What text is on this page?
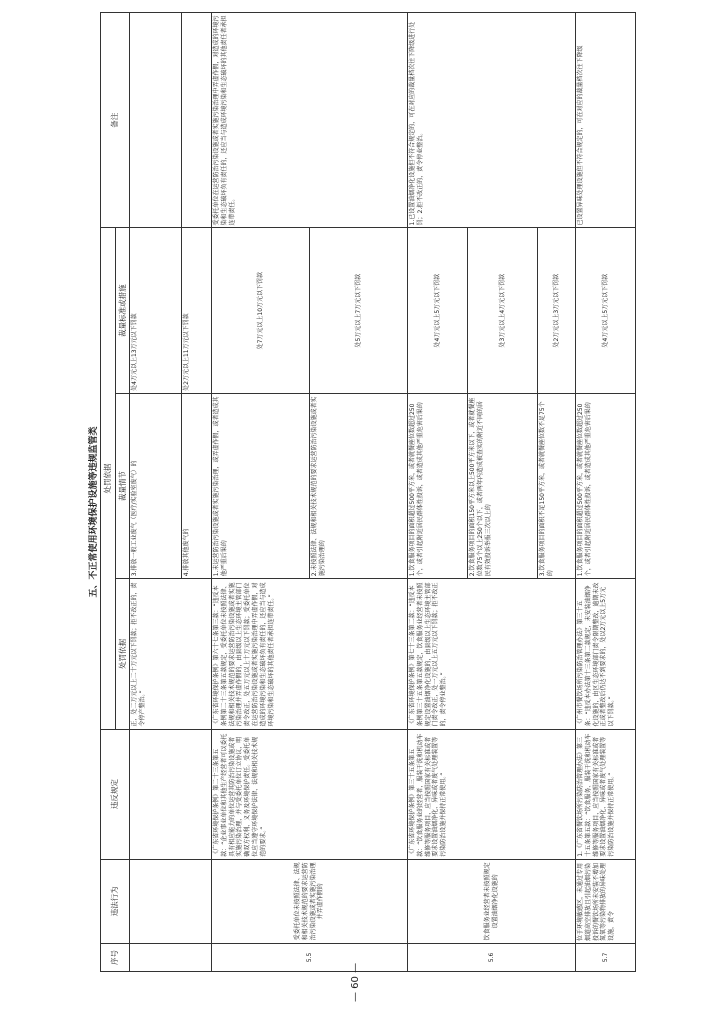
五、不正常使用环境保护设施等违规监管类
序号	违法行为	违反规定	处罚依据			备注
			处罚依据	裁量情节	裁量标准或措施	
			正，处二万元以上二十万元以下罚款；拒不改正的，责令停产整治。”	3.排放一般工业废气（医疗/实验室废气）的	处4万元以上13万元以下罚款	
				4.排放其他废气的	处2万元以上11万元以下罚款	
5.5	受委托单位未按照法律、法规和相关技术规范的要求运营防治污染设施或者实施污染治理并弄虚作假的	《广东省环境保护条例》第二十三条第五款：“企业事业单位和其他生产经营者可以委托具有相应能力的单位运营其防治污染设施或者实施污染治理，并与受委托单位订立协议，明确双方权利、义务及环境保护责任。受委托单位应当遵守环境保护法律、法规和相关技术规范的要求。”	《广东省环境保护条例》第六十七条第三款：“违反本条例第二十三条第五款规定，受委托单位未按照法律、法规和相关技术规范的要求运营防治污染设施或者实施污染治理并弄虚作假的，由县级以上生态环境主管部门责令改正，处五万元以上十万元以下罚款；受委托单位在运营防治污染设施或者实施污染治理中弄虚作假，对造成的环境污染和生态破坏负有责任的，还应当与造成环境污染和生态破坏的其他责任者承担连带责任。”	1.未运营防治污染设施或者实施污染治理，或弄虚作假，或者造成其他严重后果的	处7万元以上10万元以下罚款	受委托单位在运营防治污染设施或者实施污染治理中弄虚作假，对造成的环境污染和生态破坏负有责任的，还应当与造成环境污染和生态破坏的其他责任者承担连带责任。
				2.未按照法律、法规和相关技术规范的要求运营防治污染设施或者实施污染治理的	处5万元以上7万元以下罚款	
5.6	饮食服务业经营者未按照规定设置油烟净化设施的	《广东省环境保护条例》第三十五条第五款：“饮食服务业的经营者，服装干洗和机动车维修等服务项目，应当按照国家有关标准或者要求设置油烟净化、异味或者废气处理装置等污染防治设施并保持正常使用。”	《广东省环境保护条例》第七十三条第二款：“违反本条例第三十五条第五款规定，饮食服务业经营者未按照规定设置油烟净化设施的，由县级以上生态环境主管部门责令改正，处一万元以上五万元以下罚款；拒不改正的，责令停业整治。”	1.饮食服务项目的面积超过500平方米，或者就餐座位数超过250个，或者引起附近居民群体性投诉，或者造成其他严重危害后果的	处4万元以上5万元以下罚款	1.已设置油烟净化设施但不符合规定的，可在对应的裁量档次往下降级进行处罚；2.拒不改正的，责令停业整治。
				2.饮食服务项目的面积150平方米以上500平方米以下，或者就餐座位数75个以上250个以下，或者两年内造成被查实的附近不同的居民有效投诉举报三次以上的	处3万元以上4万元以下罚款	
				3.饮食服务项目的面积不足150平方米，或者就餐座位数不足75个的	处2万元以上3万元以下罚款	
5.7	位于环境敏感区，未通过专用烟道高空排放且引起油烟污染投诉的餐饮场所未安装不增加氮氧等污染物排放的异味处理设施，责令	1.《广东省餐饮场所污染防治管理办法》第三十五条第五款：“饮食服务、服装干洗和机动车维修等服务项目，应当按照国家有关标准或者要求设置油烟净化、异味或者废气处理装置等污染防治设施并保持正常使用。”	《广州市餐饮场所污染防治管理办法》第三十五条：“违反本办法第十三条第二款规定，未安装油烟净化设施的，由区生态环境部门责令限期整改，逾期未改正或者整改后仍达不到要求的，处以2万元以上5万元以下罚款。”	1.饮食服务项目的面积超过500平方米，或者就餐座位数超过250个，或者引起附近居民群体性投诉，或者造成其他严重危害后果的	处4万元以上5万元以下罚款	已设置异味处理设施但不符合规定的，可在对应的裁量档次往下降级
— 60 —
